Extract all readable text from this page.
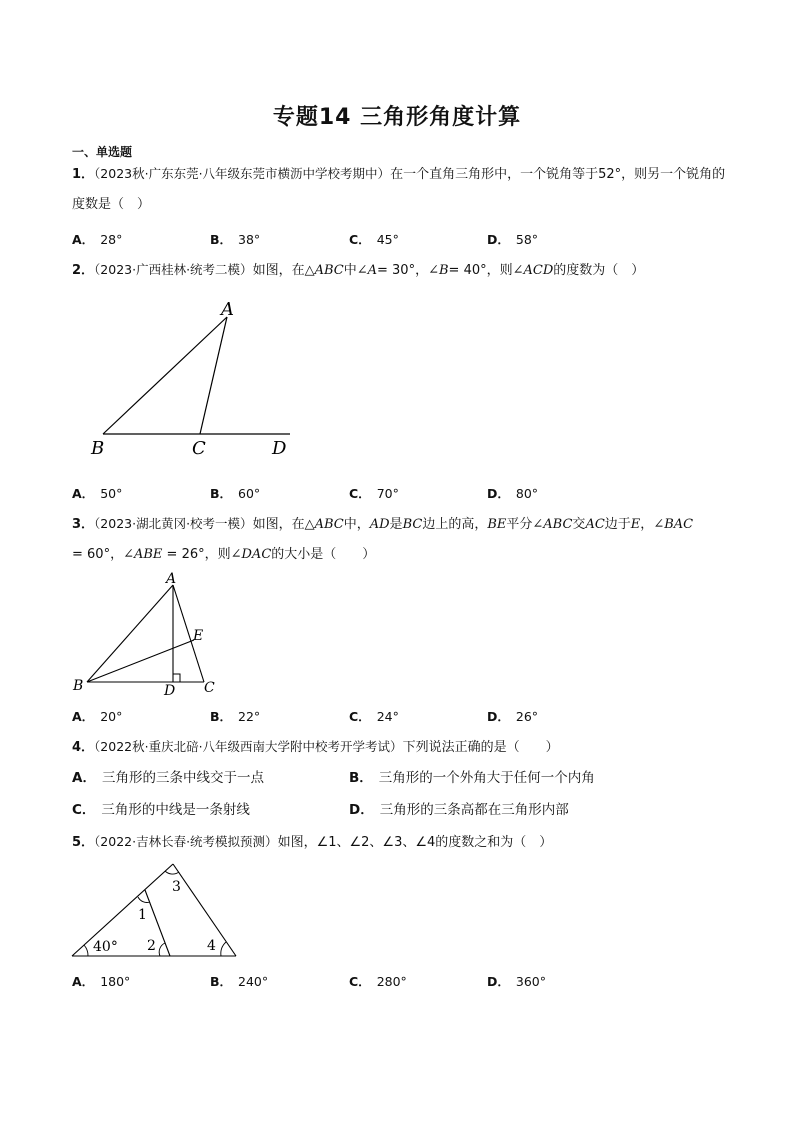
专题14 三角形角度计算
一、单选题
1．（2023秋·广东东莞·八年级东莞市横沥中学校考期中）在一个直角三角形中，一个锐角等于52°，则另一个锐角的度数是（　）
A． 28°	B． 38°	C． 45°	D． 58°
2．（2023·广西桂林·统考二模）如图，在△ABC中∠A= 30°，∠B= 40°，则∠ACD的度数为（　）
A
B	C	D
A． 50°	B． 60°	C． 70°	D． 80°
3．（2023·湖北黄冈·校考一模）如图，在△ABC中，AD是BC边上的高，BE平分∠ABC交AC边于E，∠BAC
= 60°，∠ABE = 26°，则∠DAC的大小是（　　）
A
B	C
D
E
A． 20°	B． 22°	C． 24°	D． 26°
4．（2022秋·重庆北碚·八年级西南大学附中校考开学考试）下列说法正确的是（　　）
A． 三角形的三条中线交于一点	B． 三角形的一个外角大于任何一个内角
C． 三角形的中线是一条射线	D． 三角形的三条高都在三角形内部
5．（2022·吉林长春·统考模拟预测）如图，∠1、∠2、∠3、∠4的度数之和为（　）
40°
1
2
3
4
A． 180°	B． 240°	C． 280°	D． 360°
